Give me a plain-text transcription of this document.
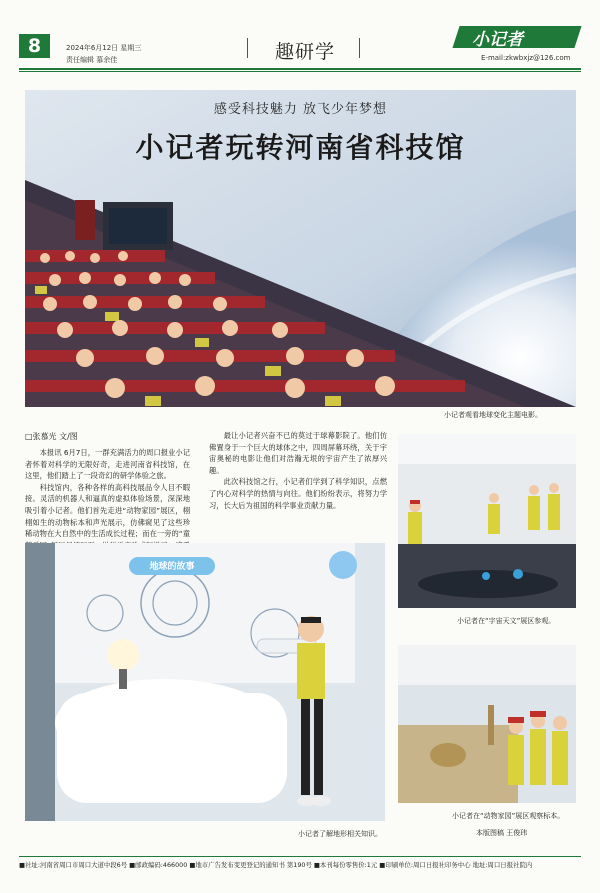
8	2024年6月12日 星期三
责任编辑 慕余佳	趣研学
小记者
E-mail:zkwbxjz@126.com
感受科技魅力 放飞少年梦想
小记者玩转河南省科技馆
小记者观看地球变化主题电影。
□张慕光 文/图

本报讯 6月7日，一群充满活力的周口报业小记者怀着对科学的无限好奇，走进河南省科技馆，在这里，他们踏上了一段奇幻的研学体验之旅。

科技馆内，各种各样的高科技展品令人目不暇接。灵活的机器人和逼真的虚拟体验场景，深深地吸引着小记者。他们首先走进“动物家园”展区，栩栩如生的动物标本和声光展示，仿佛窥见了这些珍稀动物在大自然中的生活成长过程；而在一旁的“童

最让小记者兴奋不已的莫过于球幕影院了。他们仿佛置身于一个巨大的球体之中，四周屏幕环绕，关于宇宙奥秘的电影让他们对浩瀚无垠的宇宙产生了浓厚兴趣。

此次科技馆之行，小记者们学到了科学知识，点燃了内心对科学的热情与向往。他们纷纷表示，将努力学习，长大后为祖国的科学事业贡献力量。

小记者在“宇宙天文”展区参观。
小记者在“动物家园”展区观察标本。
本版图稿 王俊玮
地球的故事
小记者了解地形相关知识。
■社址:河南省周口市周口大道中段6号 ■邮政编码:466000 ■地市广告发布变更登记的通知书 第190号 ■本刊每份零售价:1元 ■印刷单位:周口日报社印务中心 地址:周口日报社院内
